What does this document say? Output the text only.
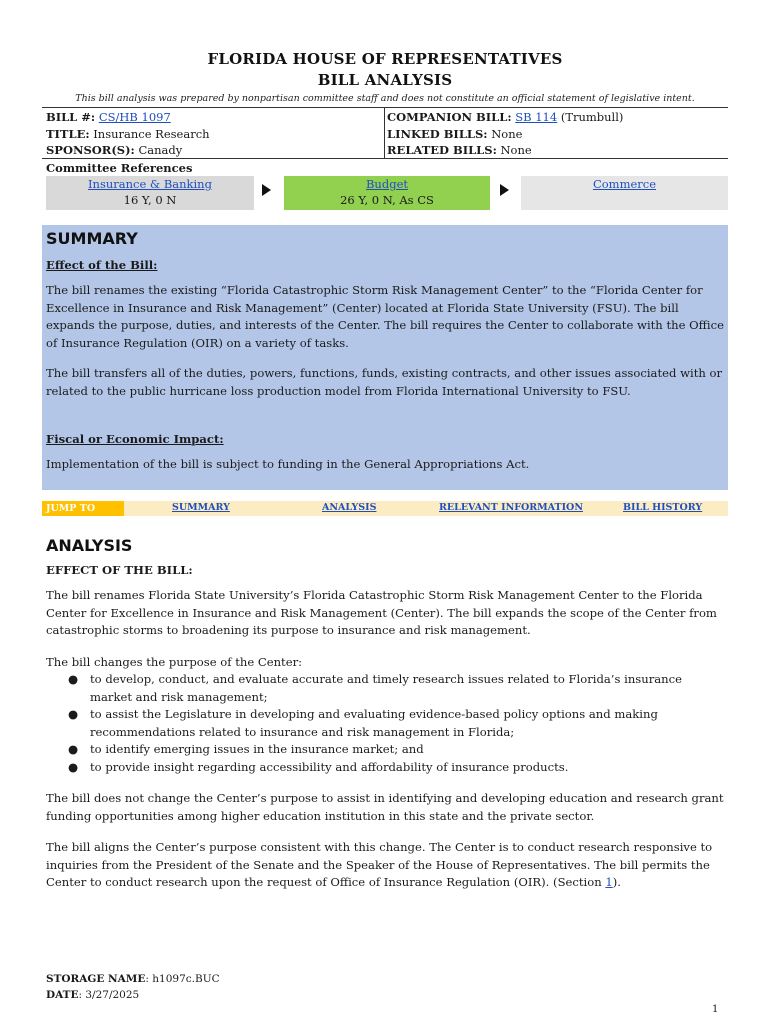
FLORIDA HOUSE OF REPRESENTATIVES
BILL ANALYSIS
This bill analysis was prepared by nonpartisan committee staff and does not constitute an official statement of legislative intent.
BILL #: CS/HB 1097
TITLE: Insurance Research
SPONSOR(S): Canady
COMPANION BILL: SB 114 (Trumbull)
LINKED BILLS: None
RELATED BILLS: None
Committee References
Insurance & Banking
16 Y, 0 N
Budget
26 Y, 0 N, As CS
Commerce

SUMMARY
Effect of the Bill:
The bill renames the existing “Florida Catastrophic Storm Risk Management Center” to the “Florida Center for Excellence in Insurance and Risk Management” (Center) located at Florida State University (FSU). The bill expands the purpose, duties, and interests of the Center. The bill requires the Center to collaborate with the Office of Insurance Regulation (OIR) on a variety of tasks.
The bill transfers all of the duties, powers, functions, funds, existing contracts, and other issues associated with or related to the public hurricane loss production model from Florida International University to FSU.
Fiscal or Economic Impact:
Implementation of the bill is subject to funding in the General Appropriations Act.
JUMP TO	SUMMARY	ANALYSIS	RELEVANT INFORMATION	BILL HISTORY
ANALYSIS
EFFECT OF THE BILL:
The bill renames Florida State University’s Florida Catastrophic Storm Risk Management Center to the Florida Center for Excellence in Insurance and Risk Management (Center). The bill expands the scope of the Center from catastrophic storms to broadening its purpose to insurance and risk management.
The bill changes the purpose of the Center:
● to develop, conduct, and evaluate accurate and timely research issues related to Florida’s insurance market and risk management;
● to assist the Legislature in developing and evaluating evidence-based policy options and making recommendations related to insurance and risk management in Florida;
● to identify emerging issues in the insurance market; and
● to provide insight regarding accessibility and affordability of insurance products.
The bill does not change the Center’s purpose to assist in identifying and developing education and research grant funding opportunities among higher education institution in this state and the private sector.
The bill aligns the Center’s purpose consistent with this change. The Center is to conduct research responsive to inquiries from the President of the Senate and the Speaker of the House of Representatives. The bill permits the Center to conduct research upon the request of Office of Insurance Regulation (OIR). (Section 1).
STORAGE NAME: h1097c.BUC
DATE: 3/27/2025
1
